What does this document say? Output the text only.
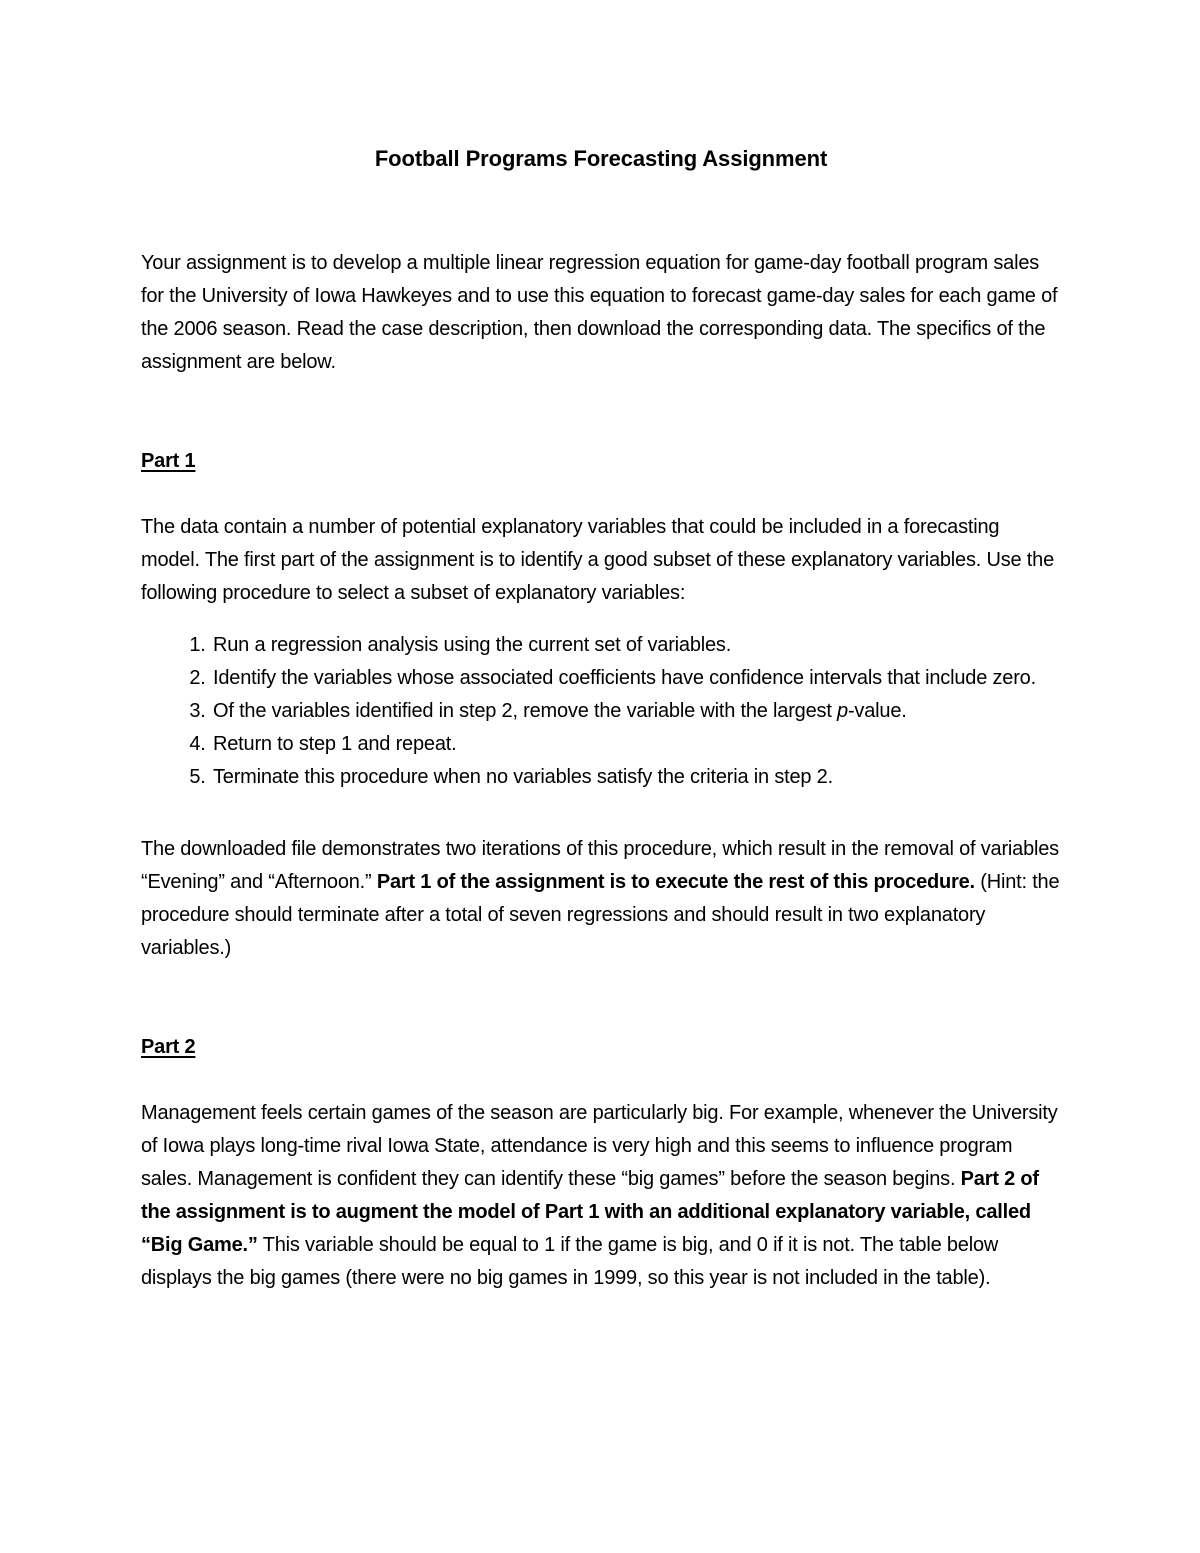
Football Programs Forecasting Assignment

Your assignment is to develop a multiple linear regression equation for game-day football program sales for the University of Iowa Hawkeyes and to use this equation to forecast game-day sales for each game of the 2006 season. Read the case description, then download the corresponding data. The specifics of the assignment are below.

Part 1

The data contain a number of potential explanatory variables that could be included in a forecasting model. The first part of the assignment is to identify a good subset of these explanatory variables. Use the following procedure to select a subset of explanatory variables:

1. Run a regression analysis using the current set of variables.
2. Identify the variables whose associated coefficients have confidence intervals that include zero.
3. Of the variables identified in step 2, remove the variable with the largest p-value.
4. Return to step 1 and repeat.
5. Terminate this procedure when no variables satisfy the criteria in step 2.

The downloaded file demonstrates two iterations of this procedure, which result in the removal of variables “Evening” and “Afternoon.” Part 1 of the assignment is to execute the rest of this procedure. (Hint: the procedure should terminate after a total of seven regressions and should result in two explanatory variables.)

Part 2

Management feels certain games of the season are particularly big. For example, whenever the University of Iowa plays long-time rival Iowa State, attendance is very high and this seems to influence program sales. Management is confident they can identify these “big games” before the season begins. Part 2 of the assignment is to augment the model of Part 1 with an additional explanatory variable, called “Big Game.” This variable should be equal to 1 if the game is big, and 0 if it is not. The table below displays the big games (there were no big games in 1999, so this year is not included in the table).
